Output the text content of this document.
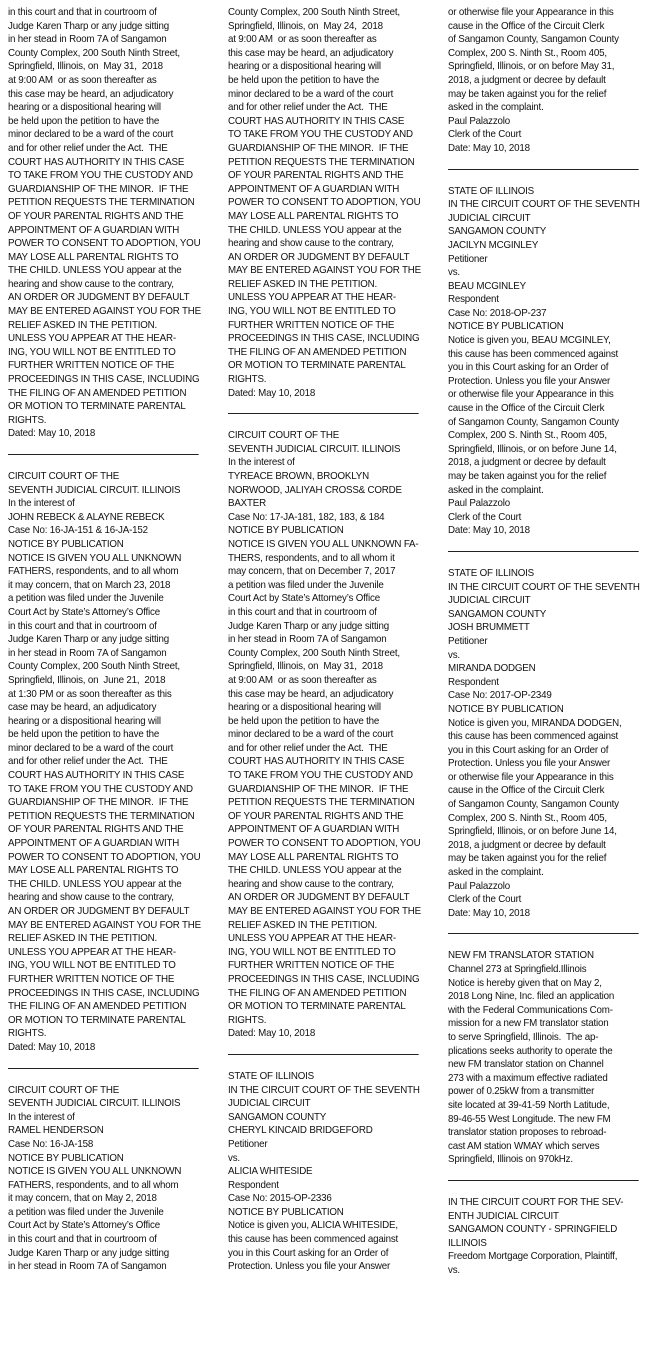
in this court and that in courtroom of
Judge Karen Tharp or any judge sitting
in her stead in Room 7A of Sangamon
County Complex, 200 South Ninth Street,
Springfield, Illinois, on  May 31,  2018
at 9:00 AM  or as soon thereafter as
this case may be heard, an adjudicatory
hearing or a dispositional hearing will
be held upon the petition to have the
minor declared to be a ward of the court
and for other relief under the Act.  THE
COURT HAS AUTHORITY IN THIS CASE
TO TAKE FROM YOU THE CUSTODY AND
GUARDIANSHIP OF THE MINOR.  IF THE
PETITION REQUESTS THE TERMINATION
OF YOUR PARENTAL RIGHTS AND THE
APPOINTMENT OF A GUARDIAN WITH
POWER TO CONSENT TO ADOPTION, YOU
MAY LOSE ALL PARENTAL RIGHTS TO
THE CHILD. UNLESS YOU appear at the
hearing and show cause to the contrary,
AN ORDER OR JUDGMENT BY DEFAULT
MAY BE ENTERED AGAINST YOU FOR THE
RELIEF ASKED IN THE PETITION.
UNLESS YOU APPEAR AT THE HEAR-
ING, YOU WILL NOT BE ENTITLED TO
FURTHER WRITTEN NOTICE OF THE
PROCEEDINGS IN THIS CASE, INCLUDING
THE FILING OF AN AMENDED PETITION
OR MOTION TO TERMINATE PARENTAL
RIGHTS.
Dated: May 10, 2018
CIRCUIT COURT OF THE
SEVENTH JUDICIAL CIRCUIT. ILLINOIS
In the interest of
JOHN REBECK & ALAYNE REBECK
Case No: 16-JA-151 & 16-JA-152
NOTICE BY PUBLICATION
NOTICE IS GIVEN YOU ALL UNKNOWN
FATHERS, respondents, and to all whom
it may concern, that on March 23, 2018
a petition was filed under the Juvenile
Court Act by State’s Attorney’s Office
in this court and that in courtroom of
Judge Karen Tharp or any judge sitting
in her stead in Room 7A of Sangamon
County Complex, 200 South Ninth Street,
Springfield, Illinois, on  June 21,  2018
at 1:30 PM or as soon thereafter as this
case may be heard, an adjudicatory
hearing or a dispositional hearing will
be held upon the petition to have the
minor declared to be a ward of the court
and for other relief under the Act.  THE
COURT HAS AUTHORITY IN THIS CASE
TO TAKE FROM YOU THE CUSTODY AND
GUARDIANSHIP OF THE MINOR.  IF THE
PETITION REQUESTS THE TERMINATION
OF YOUR PARENTAL RIGHTS AND THE
APPOINTMENT OF A GUARDIAN WITH
POWER TO CONSENT TO ADOPTION, YOU
MAY LOSE ALL PARENTAL RIGHTS TO
THE CHILD. UNLESS YOU appear at the
hearing and show cause to the contrary,
AN ORDER OR JUDGMENT BY DEFAULT
MAY BE ENTERED AGAINST YOU FOR THE
RELIEF ASKED IN THE PETITION.
UNLESS YOU APPEAR AT THE HEAR-
ING, YOU WILL NOT BE ENTITLED TO
FURTHER WRITTEN NOTICE OF THE
PROCEEDINGS IN THIS CASE, INCLUDING
THE FILING OF AN AMENDED PETITION
OR MOTION TO TERMINATE PARENTAL
RIGHTS.
Dated: May 10, 2018
CIRCUIT COURT OF THE
SEVENTH JUDICIAL CIRCUIT. ILLINOIS
In the interest of
RAMEL HENDERSON
Case No: 16-JA-158
NOTICE BY PUBLICATION
NOTICE IS GIVEN YOU ALL UNKNOWN
FATHERS, respondents, and to all whom
it may concern, that on May 2, 2018
a petition was filed under the Juvenile
Court Act by State’s Attorney’s Office
in this court and that in courtroom of
Judge Karen Tharp or any judge sitting
in her stead in Room 7A of Sangamon
County Complex, 200 South Ninth Street,
Springfield, Illinois, on  May 24,  2018
at 9:00 AM  or as soon thereafter as
this case may be heard, an adjudicatory
hearing or a dispositional hearing will
be held upon the petition to have the
minor declared to be a ward of the court
and for other relief under the Act.  THE
COURT HAS AUTHORITY IN THIS CASE
TO TAKE FROM YOU THE CUSTODY AND
GUARDIANSHIP OF THE MINOR.  IF THE
PETITION REQUESTS THE TERMINATION
OF YOUR PARENTAL RIGHTS AND THE
APPOINTMENT OF A GUARDIAN WITH
POWER TO CONSENT TO ADOPTION, YOU
MAY LOSE ALL PARENTAL RIGHTS TO
THE CHILD. UNLESS YOU appear at the
hearing and show cause to the contrary,
AN ORDER OR JUDGMENT BY DEFAULT
MAY BE ENTERED AGAINST YOU FOR THE
RELIEF ASKED IN THE PETITION.
UNLESS YOU APPEAR AT THE HEAR-
ING, YOU WILL NOT BE ENTITLED TO
FURTHER WRITTEN NOTICE OF THE
PROCEEDINGS IN THIS CASE, INCLUDING
THE FILING OF AN AMENDED PETITION
OR MOTION TO TERMINATE PARENTAL
RIGHTS.
Dated: May 10, 2018
CIRCUIT COURT OF THE
SEVENTH JUDICIAL CIRCUIT. ILLINOIS
In the interest of
TYREACE BROWN, BROOKLYN
NORWOOD, JALIYAH CROSS& CORDE
BAXTER
Case No: 17-JA-181, 182, 183, & 184
NOTICE BY PUBLICATION
NOTICE IS GIVEN YOU ALL UNKNOWN FA-
THERS, respondents, and to all whom it
may concern, that on December 7, 2017
a petition was filed under the Juvenile
Court Act by State’s Attorney’s Office
in this court and that in courtroom of
Judge Karen Tharp or any judge sitting
in her stead in Room 7A of Sangamon
County Complex, 200 South Ninth Street,
Springfield, Illinois, on  May 31,  2018
at 9:00 AM  or as soon thereafter as
this case may be heard, an adjudicatory
hearing or a dispositional hearing will
be held upon the petition to have the
minor declared to be a ward of the court
and for other relief under the Act.  THE
COURT HAS AUTHORITY IN THIS CASE
TO TAKE FROM YOU THE CUSTODY AND
GUARDIANSHIP OF THE MINOR.  IF THE
PETITION REQUESTS THE TERMINATION
OF YOUR PARENTAL RIGHTS AND THE
APPOINTMENT OF A GUARDIAN WITH
POWER TO CONSENT TO ADOPTION, YOU
MAY LOSE ALL PARENTAL RIGHTS TO
THE CHILD. UNLESS YOU appear at the
hearing and show cause to the contrary,
AN ORDER OR JUDGMENT BY DEFAULT
MAY BE ENTERED AGAINST YOU FOR THE
RELIEF ASKED IN THE PETITION.
UNLESS YOU APPEAR AT THE HEAR-
ING, YOU WILL NOT BE ENTITLED TO
FURTHER WRITTEN NOTICE OF THE
PROCEEDINGS IN THIS CASE, INCLUDING
THE FILING OF AN AMENDED PETITION
OR MOTION TO TERMINATE PARENTAL
RIGHTS.
Dated: May 10, 2018
STATE OF ILLINOIS
IN THE CIRCUIT COURT OF THE SEVENTH
JUDICIAL CIRCUIT
SANGAMON COUNTY
CHERYL KINCAID BRIDGEFORD
Petitioner
vs.
ALICIA WHITESIDE
Respondent
Case No: 2015-OP-2336
NOTICE BY PUBLICATION
Notice is given you, ALICIA WHITESIDE,
this cause has been commenced against
you in this Court asking for an Order of
Protection. Unless you file your Answer
or otherwise file your Appearance in this
cause in the Office of the Circuit Clerk
of Sangamon County, Sangamon County
Complex, 200 S. Ninth St., Room 405,
Springfield, Illinois, or on before May 31,
2018, a judgment or decree by default
may be taken against you for the relief
asked in the complaint.
Paul Palazzolo
Clerk of the Court
Date: May 10, 2018
STATE OF ILLINOIS
IN THE CIRCUIT COURT OF THE SEVENTH
JUDICIAL CIRCUIT
SANGAMON COUNTY
JACILYN MCGINLEY
Petitioner
vs.
BEAU MCGINLEY
Respondent
Case No: 2018-OP-237
NOTICE BY PUBLICATION
Notice is given you, BEAU MCGINLEY,
this cause has been commenced against
you in this Court asking for an Order of
Protection. Unless you file your Answer
or otherwise file your Appearance in this
cause in the Office of the Circuit Clerk
of Sangamon County, Sangamon County
Complex, 200 S. Ninth St., Room 405,
Springfield, Illinois, or on before June 14,
2018, a judgment or decree by default
may be taken against you for the relief
asked in the complaint.
Paul Palazzolo
Clerk of the Court
Date: May 10, 2018
STATE OF ILLINOIS
IN THE CIRCUIT COURT OF THE SEVENTH
JUDICIAL CIRCUIT
SANGAMON COUNTY
JOSH BRUMMETT
Petitioner
vs.
MIRANDA DODGEN
Respondent
Case No: 2017-OP-2349
NOTICE BY PUBLICATION
Notice is given you, MIRANDA DODGEN,
this cause has been commenced against
you in this Court asking for an Order of
Protection. Unless you file your Answer
or otherwise file your Appearance in this
cause in the Office of the Circuit Clerk
of Sangamon County, Sangamon County
Complex, 200 S. Ninth St., Room 405,
Springfield, Illinois, or on before June 14,
2018, a judgment or decree by default
may be taken against you for the relief
asked in the complaint.
Paul Palazzolo
Clerk of the Court
Date: May 10, 2018
NEW FM TRANSLATOR STATION
Channel 273 at Springfield.Illinois
Notice is hereby given that on May 2,
2018 Long Nine, Inc. filed an application
with the Federal Communications Com-
mission for a new FM translator station
to serve Springfield, Illinois.  The ap-
plications seeks authority to operate the
new FM translator station on Channel
273 with a maximum effective radiated
power of 0.25kW from a transmitter
site located at 39-41-59 North Latitude,
89-46-55 West Longitude. The new FM
translator station proposes to rebroad-
cast AM station WMAY which serves
Springfield, Illinois on 970kHz.
IN THE CIRCUIT COURT FOR THE SEV-
ENTH JUDICIAL CIRCUIT
SANGAMON COUNTY - SPRINGFIELD
ILLINOIS
Freedom Mortgage Corporation, Plaintiff,
vs.
